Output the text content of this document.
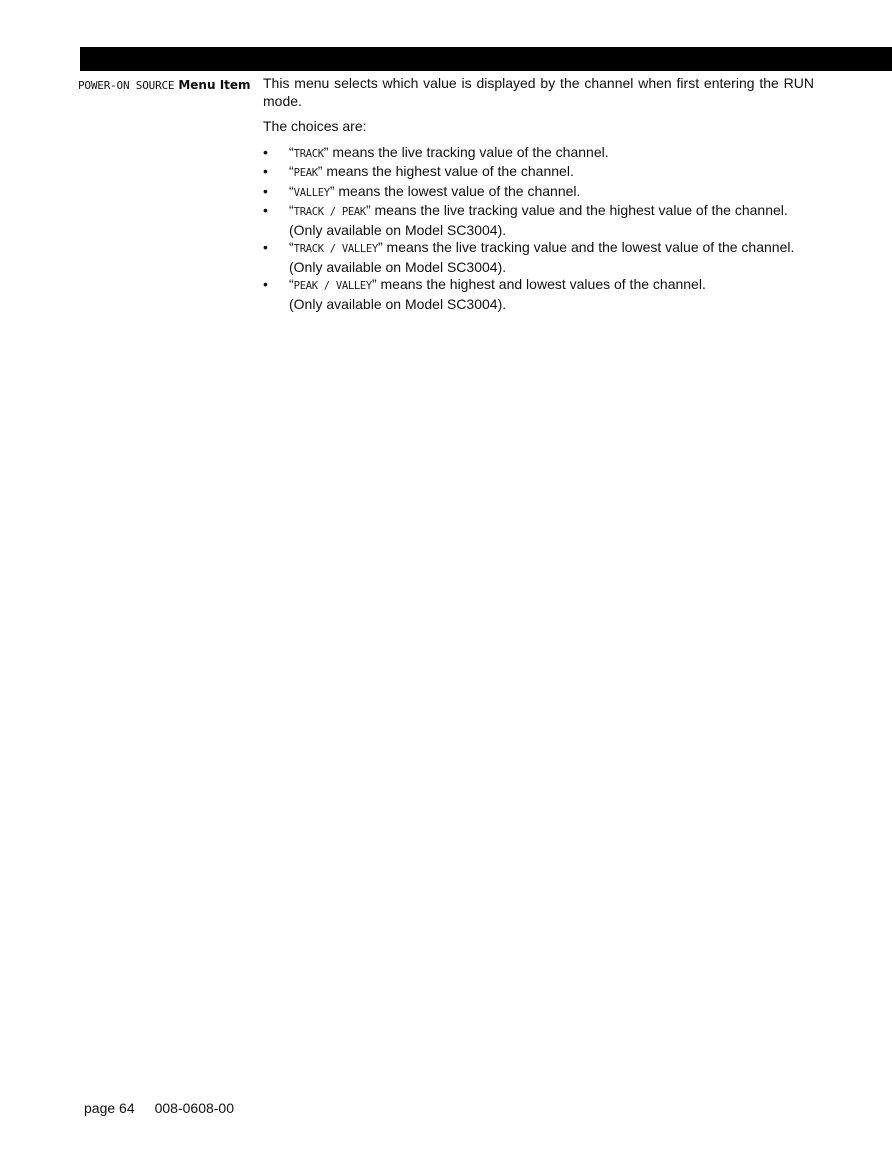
POWER-ON SOURCE Menu Item This menu selects which value is displayed by the channel when first entering the RUN mode.

The choices are:

• “TRACK” means the live tracking value of the channel.
• “PEAK” means the highest value of the channel.
• “VALLEY” means the lowest value of the channel.
• “TRACK / PEAK” means the live tracking value and the highest value of the channel.
(Only available on Model SC3004).
• “TRACK / VALLEY” means the live tracking value and the lowest value of the channel.
(Only available on Model SC3004).
• “PEAK / VALLEY” means the highest and lowest values of the channel.
(Only available on Model SC3004).
page 64 008-0608-00
